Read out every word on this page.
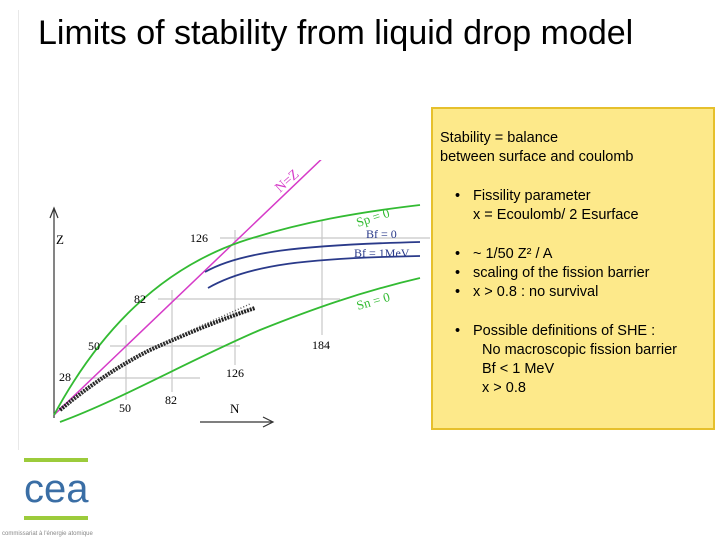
Limits of stability from liquid drop model
Z
N
N=Z
Sp = 0
Bf = 0
Bf = 1MeV
Sn = 0
126
82
50
28
184
126
82
50
Stability = balance
between surface and coulomb
• Fissility parameter
x = Ecoulomb/ 2 Esurface
• ~ 1/50 Z² / A
• scaling of the fission barrier
• x > 0.8 : no survival
• Possible definitions of SHE :
No macroscopic fission barrier
Bf < 1 MeV
x > 0.8
cea
commissariat à l'énergie atomique
